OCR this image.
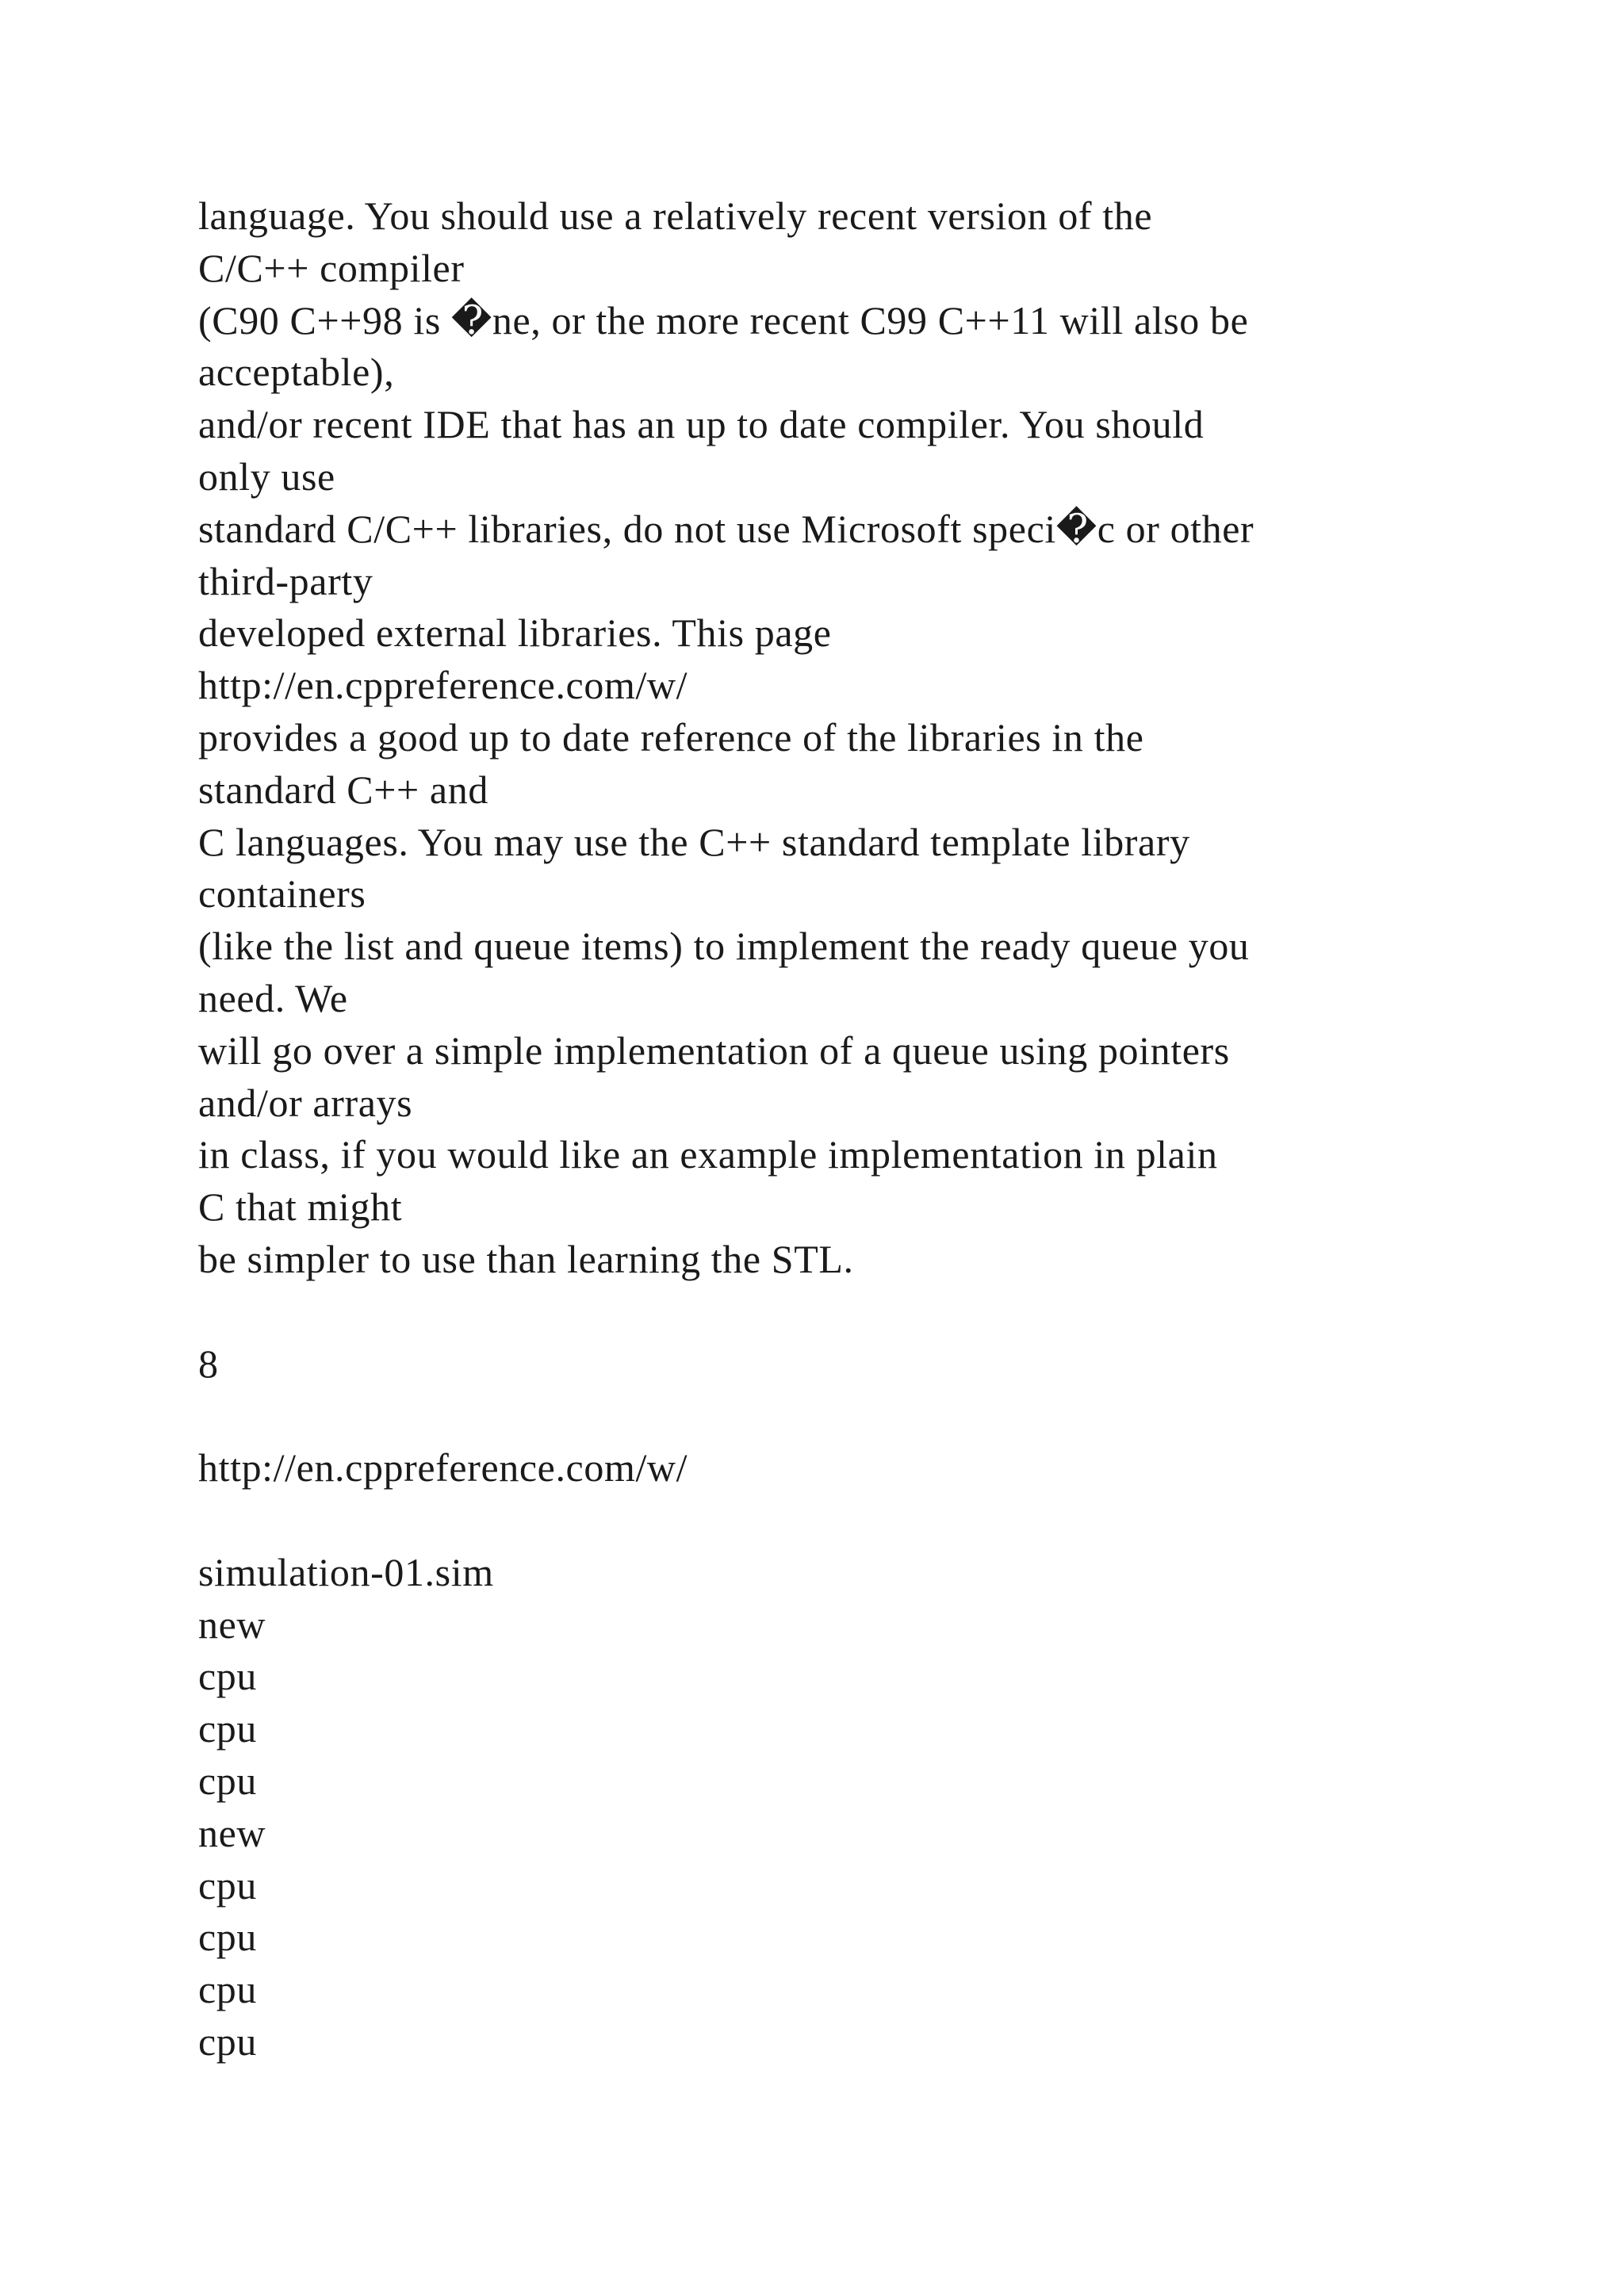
language. You should use a relatively recent version of the
C/C++ compiler
(C90 C++98 is �ne, or the more recent C99 C++11 will also be
acceptable),
and/or recent IDE that has an up to date compiler. You should
only use
standard C/C++ libraries, do not use Microsoft speci�c or other
third-party
developed external libraries. This page
http://en.cppreference.com/w/
provides a good up to date reference of the libraries in the
standard C++ and
C languages. You may use the C++ standard template library
containers
(like the list and queue items) to implement the ready queue you
need. We
will go over a simple implementation of a queue using pointers
and/or arrays
in class, if you would like an example implementation in plain
C that might
be simpler to use than learning the STL.
8
http://en.cppreference.com/w/
simulation-01.sim
new
cpu
cpu
cpu
new
cpu
cpu
cpu
cpu
